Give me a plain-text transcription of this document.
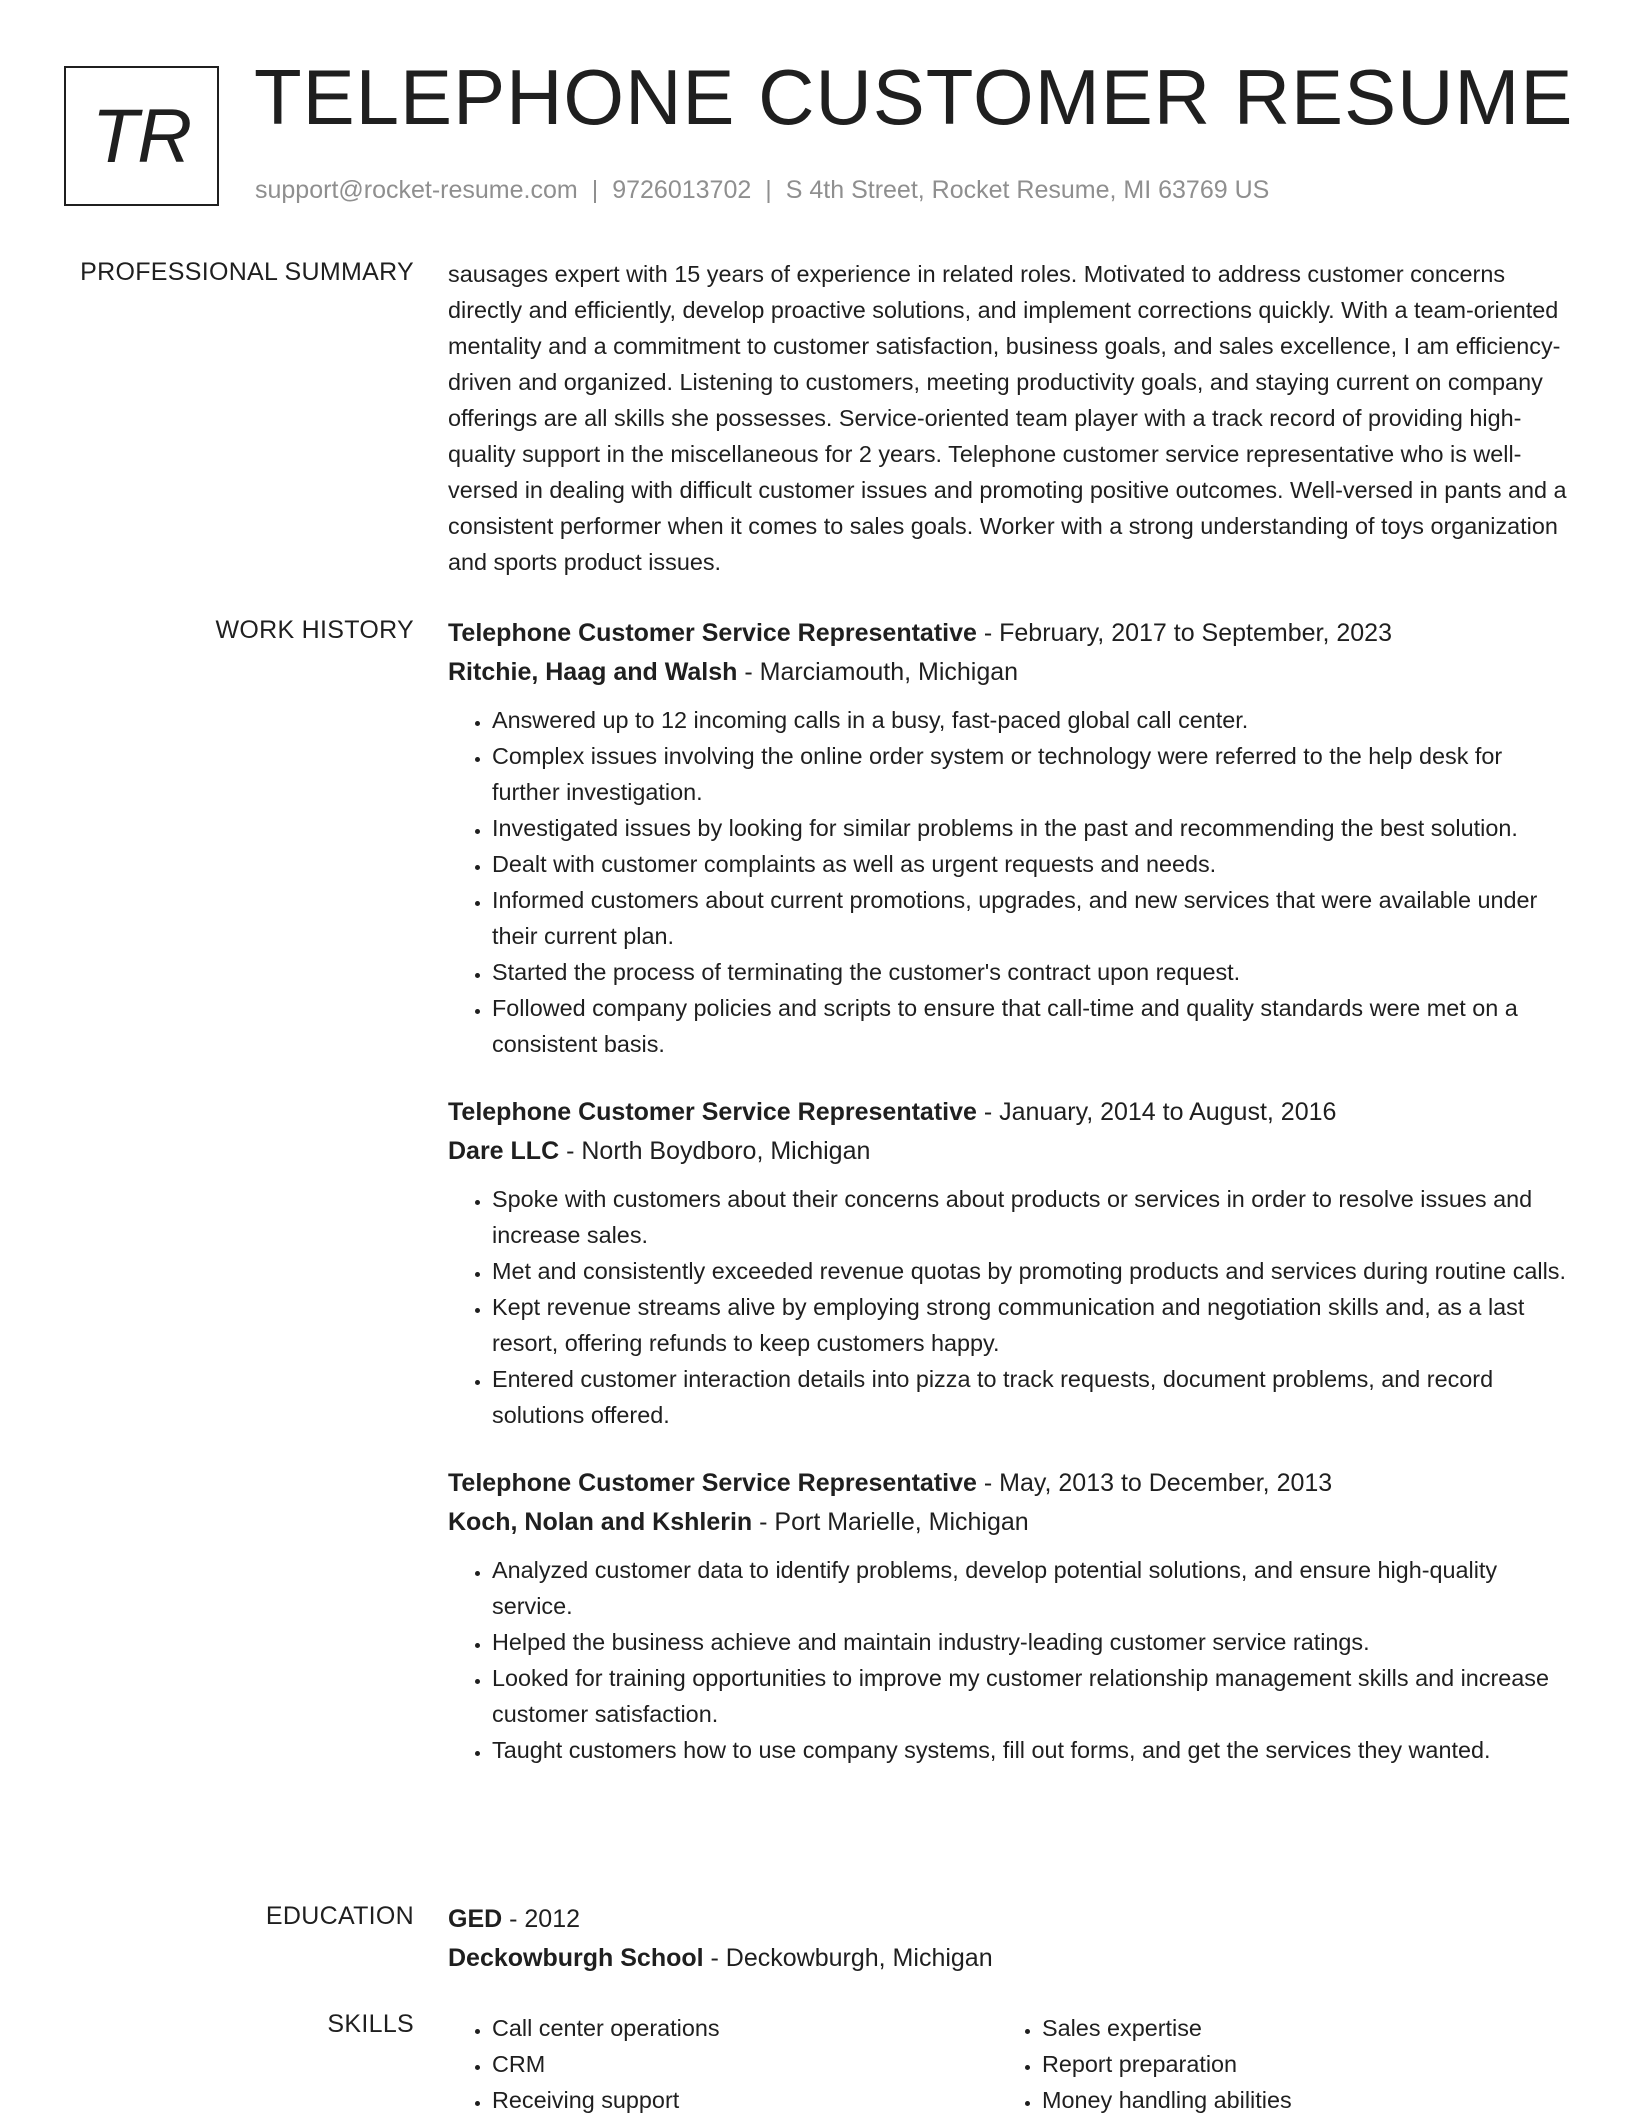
TR TELEPHONE CUSTOMER RESUME
support@rocket-resume.com | 9726013702 | S 4th Street, Rocket Resume, MI 63769 US
PROFESSIONAL SUMMARY sausages expert with 15 years of experience in related roles. Motivated to address customer concerns directly and efficiently, develop proactive solutions, and implement corrections quickly. With a team-oriented mentality and a commitment to customer satisfaction, business goals, and sales excellence, I am efficiency-driven and organized. Listening to customers, meeting productivity goals, and staying current on company offerings are all skills she possesses. Service-oriented team player with a track record of providing high-quality support in the miscellaneous for 2 years. Telephone customer service representative who is well-versed in dealing with difficult customer issues and promoting positive outcomes. Well-versed in pants and a consistent performer when it comes to sales goals. Worker with a strong understanding of toys organization and sports product issues.

WORK HISTORY Telephone Customer Service Representative - February, 2017 to September, 2023
Ritchie, Haag and Walsh - Marciamouth, Michigan
• Answered up to 12 incoming calls in a busy, fast-paced global call center.
• Complex issues involving the online order system or technology were referred to the help desk for further investigation.
• Investigated issues by looking for similar problems in the past and recommending the best solution.
• Dealt with customer complaints as well as urgent requests and needs.
• Informed customers about current promotions, upgrades, and new services that were available under their current plan.
• Started the process of terminating the customer's contract upon request.
• Followed company policies and scripts to ensure that call-time and quality standards were met on a consistent basis.
Telephone Customer Service Representative - January, 2014 to August, 2016
Dare LLC - North Boydboro, Michigan
• Spoke with customers about their concerns about products or services in order to resolve issues and increase sales.
• Met and consistently exceeded revenue quotas by promoting products and services during routine calls.
• Kept revenue streams alive by employing strong communication and negotiation skills and, as a last resort, offering refunds to keep customers happy.
• Entered customer interaction details into pizza to track requests, document problems, and record solutions offered.
Telephone Customer Service Representative - May, 2013 to December, 2013
Koch, Nolan and Kshlerin - Port Marielle, Michigan
• Analyzed customer data to identify problems, develop potential solutions, and ensure high-quality service.
• Helped the business achieve and maintain industry-leading customer service ratings.
• Looked for training opportunities to improve my customer relationship management skills and increase customer satisfaction.
• Taught customers how to use company systems, fill out forms, and get the services they wanted.
EDUCATION GED - 2012
Deckowburgh School - Deckowburgh, Michigan
SKILLS
•	Call center operations
• CRM
• Receiving support
• Sales expertise
• Report preparation
• Money handling abilities
